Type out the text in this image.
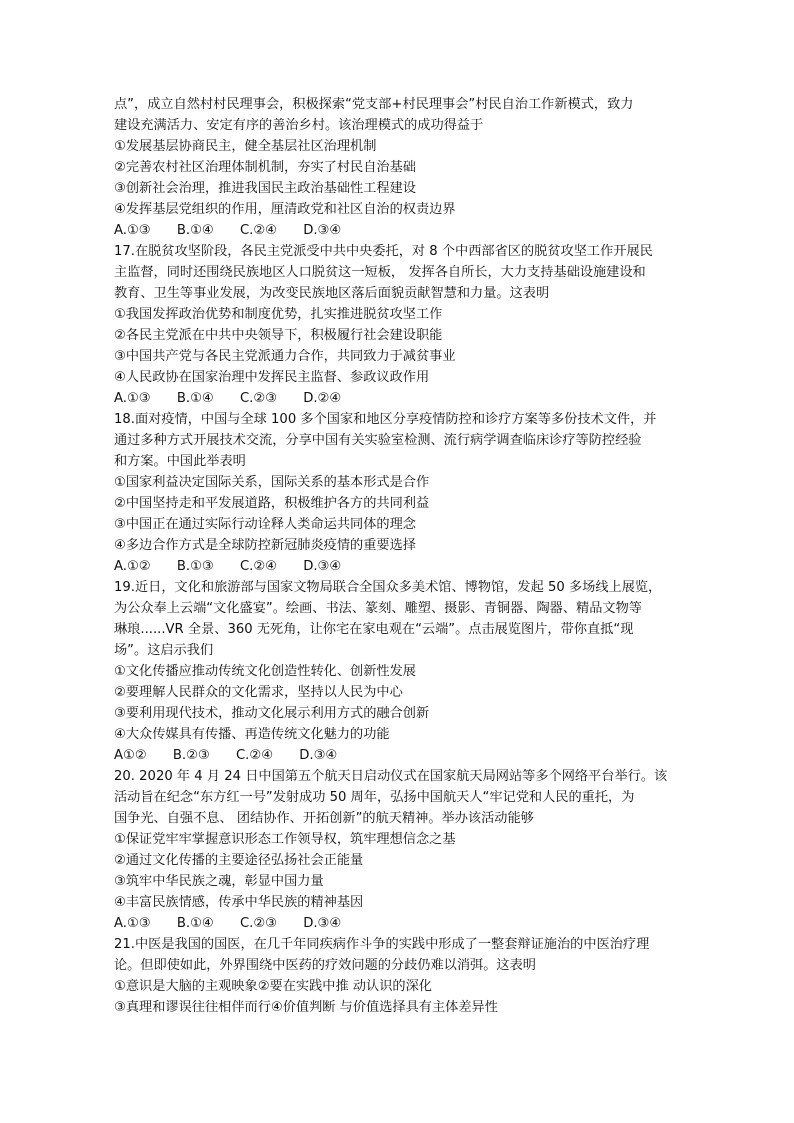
点”，成立自然村村民理事会，积极探索“党支部+村民理事会”村民自治工作新模式，致力
建设充满活力、安定有序的善治乡村。该治理模式的成功得益于
①发展基层协商民主，健全基层社区治理机制
②完善农村社区治理体制机制，夯实了村民自治基础
③创新社会治理，推进我国民主政治基础性工程建设
④发挥基层党组织的作用，厘清政党和社区自治的权责边界
A.①③ B.①④ C.②④ D.③④
17.在脱贫攻坚阶段，各民主党派受中共中央委托，对 8 个中西部省区的脱贫攻坚工作开展民
主监督，同时还围绕民族地区人口脱贫这一短板， 发挥各自所长，大力支持基础设施建设和
教育、卫生等事业发展，为改变民族地区落后面貌贡献智慧和力量。这表明
①我国发挥政治优势和制度优势，扎实推进脱贫攻坚工作
②各民主党派在中共中央领导下，积极履行社会建设职能
③中国共产党与各民主党派通力合作，共同致力于减贫事业
④人民政协在国家治理中发挥民主监督、参政议政作用
A.①③ B.①④ C.②③ D.②④
18.面对疫情，中国与全球 100 多个国家和地区分享疫情防控和诊疗方案等多份技术文件，并
通过多种方式开展技术交流，分享中国有关实验室检测、流行病学调查临床诊疗等防控经验
和方案。中国此举表明
①国家利益决定国际关系，国际关系的基本形式是合作
②中国坚持走和平发展道路，积极维护各方的共同利益
③中国正在通过实际行动诠释人类命运共同体的理念
④多边合作方式是全球防控新冠肺炎疫情的重要选择
A.①② B.①③ C.②④ D.③④
19.近日，文化和旅游部与国家文物局联合全国众多美术馆、博物馆，发起 50 多场线上展览，
为公众奉上云端“文化盛宴”。绘画、书法、篆刻、雕塑、摄影、青铜器、陶器、精品文物等
琳琅......VR 全景、360 无死角，让你宅在家电观在“云端”。点击展览图片，带你直抵“现
场”。这启示我们
①文化传播应推动传统文化创造性转化、创新性发展
②要理解人民群众的文化需求，坚持以人民为中心
③要利用现代技术，推动文化展示利用方式的融合创新
④大众传媒具有传播、再造传统文化魅力的功能
A①② B.②③ C.②④ D.③④
20. 2020 年 4 月 24 日中国第五个航天日启动仪式在国家航天局网站等多个网络平台举行。该
活动旨在纪念“东方红一号”发射成功 50 周年，弘扬中国航天人“牢记党和人民的重托，为
国争光、自强不息、 团结协作、开拓创新”的航天精神。举办该活动能够
①保证党牢牢掌握意识形态工作领导权，筑牢理想信念之基
②通过文化传播的主要途径弘扬社会正能量
③筑牢中华民族之魂，彰显中国力量
④丰富民族情感，传承中华民族的精神基因
A.①③ B.①④ C.②③ D.③④
21.中医是我国的国医，在几千年同疾病作斗争的实践中形成了一整套辩证施治的中医治疗理
论。但即使如此，外界围绕中医药的疗效问题的分歧仍难以消弭。这表明
①意识是大脑的主观映象②要在实践中推 动认识的深化
③真理和谬误往往相伴而行④价值判断 与价值选择具有主体差异性
